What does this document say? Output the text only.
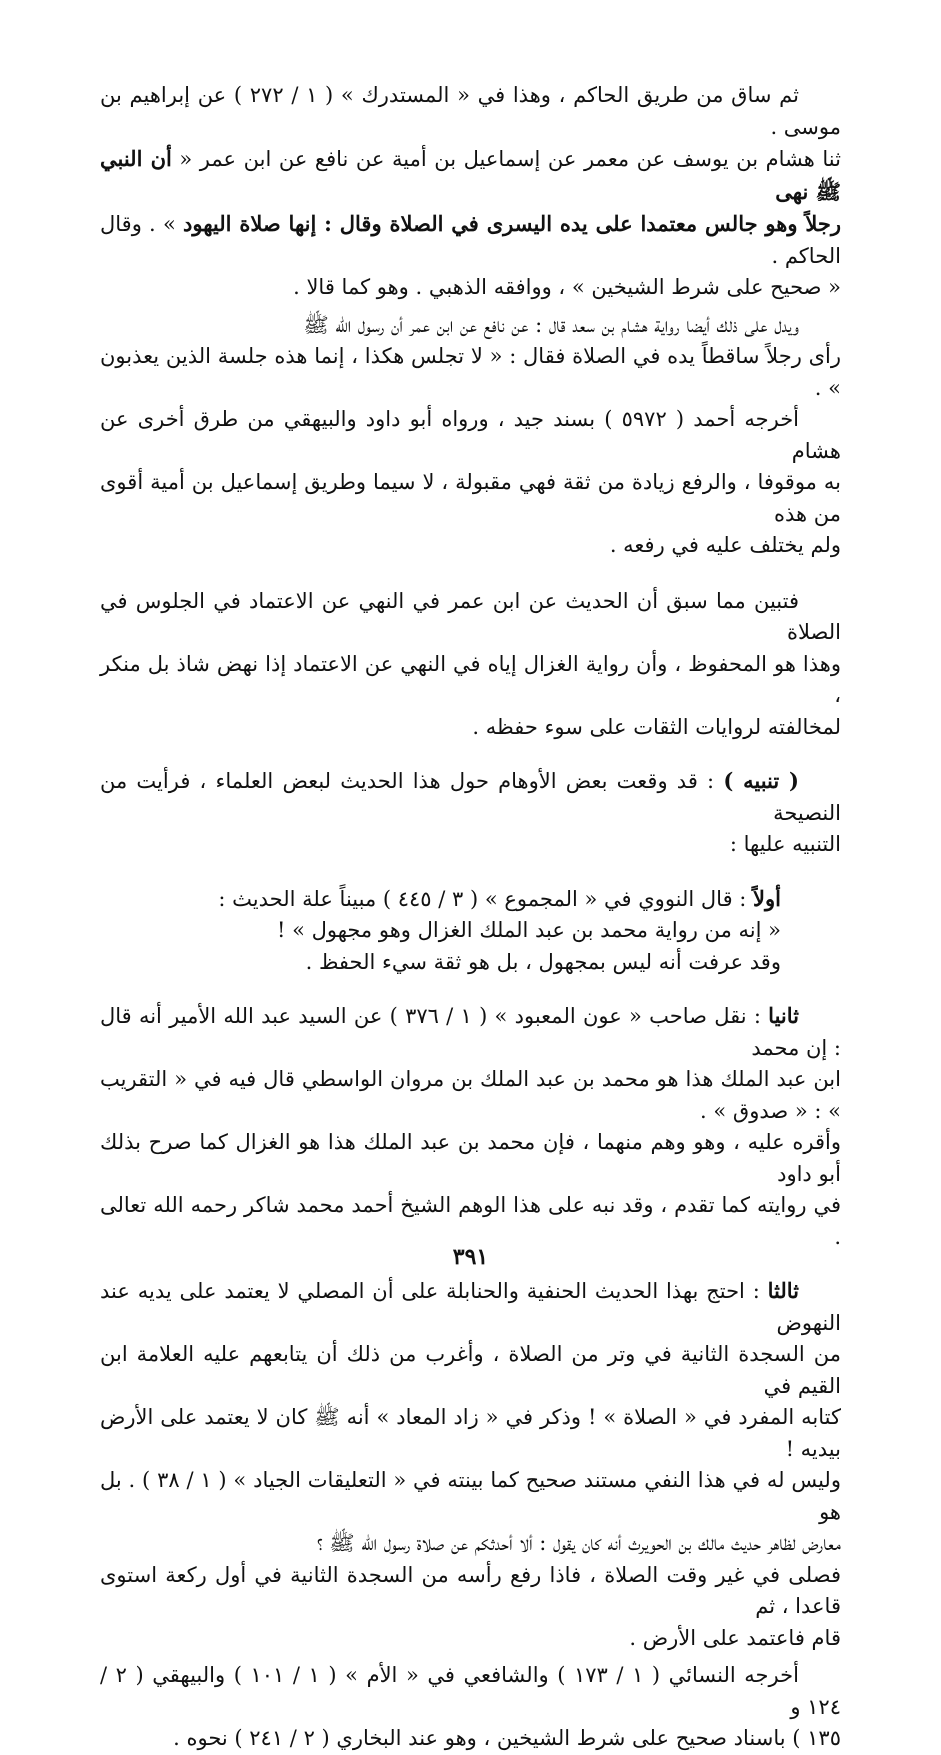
ثم ساق من طريق الحاكم ، وهذا في « المستدرك » ( ١ / ٢٧٢ ) عن إبراهيم بن موسى .
ثنا هشام بن يوسف عن معمر عن إسماعيل بن أمية عن نافع عن ابن عمر « أن النبي ﷺ نهى
رجلاً وهو جالس معتمدا على يده اليسرى في الصلاة وقال : إنها صلاة اليهود » . وقال الحاكم .
« صحيح على شرط الشيخين » ، ووافقه الذهبي . وهو كما قالا .

ويدل على ذلك أيضا رواية هشام بن سعد قال : عن نافع عن ابن عمر أن رسول الله ﷺ
رأى رجلاً ساقطاً يده في الصلاة فقال : « لا تجلس هكذا ، إنما هذه جلسة الذين يعذبون » .

أخرجه أحمد ( ٥٩٧٢ ) بسند جيد ، ورواه أبو داود والبيهقي من طرق أخرى عن هشام
به موقوفا ، والرفع زيادة من ثقة فهي مقبولة ، لا سيما وطريق إسماعيل بن أمية أقوى من هذه
ولم يختلف عليه في رفعه .

فتبين مما سبق أن الحديث عن ابن عمر في النهي عن الاعتماد في الجلوس في الصلاة
وهذا هو المحفوظ ، وأن رواية الغزال إياه في النهي عن الاعتماد إذا نهض شاذ بل منكر ،
لمخالفته لروايات الثقات على سوء حفظه .

( تنبيه ) : قد وقعت بعض الأوهام حول هذا الحديث لبعض العلماء ، فرأيت من النصيحة
التنبيه عليها :

أولاً : قال النووي في « المجموع » ( ٣ / ٤٤٥ ) مبيناً علة الحديث :
« إنه من رواية محمد بن عبد الملك الغزال وهو مجهول » !
وقد عرفت أنه ليس بمجهول ، بل هو ثقة سيء الحفظ .

ثانيا : نقل صاحب « عون المعبود » ( ١ / ٣٧٦ ) عن السيد عبد الله الأمير أنه قال : إن محمد
ابن عبد الملك هذا هو محمد بن عبد الملك بن مروان الواسطي قال فيه في « التقريب » : « صدوق » .
وأقره عليه ، وهو وهم منهما ، فإن محمد بن عبد الملك هذا هو الغزال كما صرح بذلك أبو داود
في روايته كما تقدم ، وقد نبه على هذا الوهم الشيخ أحمد محمد شاكر رحمه الله تعالى .

ثالثا : احتج بهذا الحديث الحنفية والحنابلة على أن المصلي لا يعتمد على يديه عند النهوض
من السجدة الثانية في وتر من الصلاة ، وأغرب من ذلك أن يتابعهم عليه العلامة ابن القيم في
كتابه المفرد في « الصلاة » ! وذكر في « زاد المعاد » أنه ﷺ كان لا يعتمد على الأرض بيديه !
وليس له في هذا النفي مستند صحيح كما بينته في « التعليقات الجياد » ( ١ / ٣٨ ) . بل هو
معارض لظاهر حديث مالك بن الحويرث أنه كان يقول : ألا أحدثكم عن صلاة رسول الله ﷺ ؟
فصلى في غير وقت الصلاة ، فاذا رفع رأسه من السجدة الثانية في أول ركعة استوى قاعدا ، ثم
قام فاعتمد على الأرض .

أخرجه النسائي ( ١ / ١٧٣ ) والشافعي في « الأم » ( ١ / ١٠١ ) والبيهقي ( ٢ / ١٢٤ و
١٣٥ ) باسناد صحيح على شرط الشيخين ، وهو عند البخاري ( ٢ / ٢٤١ ) نحوه .

٣٩١
